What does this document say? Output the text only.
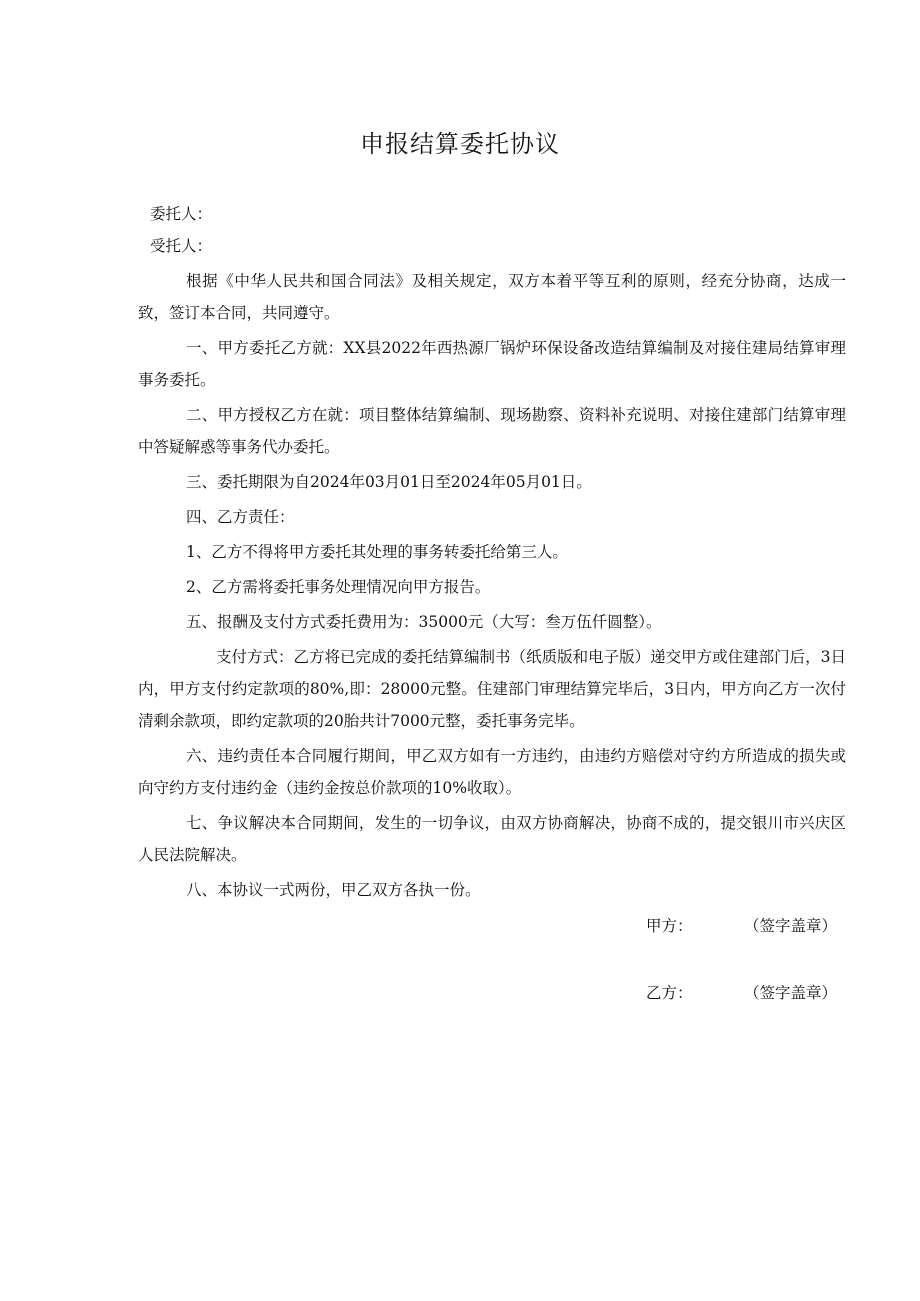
申报结算委托协议

委托人：

受托人：

根据《中华人民共和国合同法》及相关规定，双方本着平等互利的原则，经充分协商，达成一致，签订本合同，共同遵守。

一、甲方委托乙方就：XX县2022年西热源厂锅炉环保设备改造结算编制及对接住建局结算审理事务委托。

二、甲方授权乙方在就：项目整体结算编制、现场勘察、资料补充说明、对接住建部门结算审理中答疑解惑等事务代办委托。

三、委托期限为自2024年03月01日至2024年05月01日。

四、乙方责任：

1、乙方不得将甲方委托其处理的事务转委托给第三人。

2、乙方需将委托事务处理情况向甲方报告。

五、报酬及支付方式委托费用为：35000元（大写：叁万伍仟圆整）。

支付方式：乙方将已完成的委托结算编制书（纸质版和电子版）递交甲方或住建部门后，3日内，甲方支付约定款项的80%,即：28000元整。住建部门审理结算完毕后，3日内，甲方向乙方一次付清剩余款项，即约定款项的20胎共计7000元整，委托事务完毕。

六、违约责任本合同履行期间，甲乙双方如有一方违约，由违约方赔偿对守约方所造成的损失或向守约方支付违约金（违约金按总价款项的10%收取）。

七、争议解决本合同期间，发生的一切争议，由双方协商解决，协商不成的，提交银川市兴庆区人民法院解决。

八、本协议一式两份，甲乙双方各执一份。

甲方：	（签字盖章）
乙方：	（签字盖章）
